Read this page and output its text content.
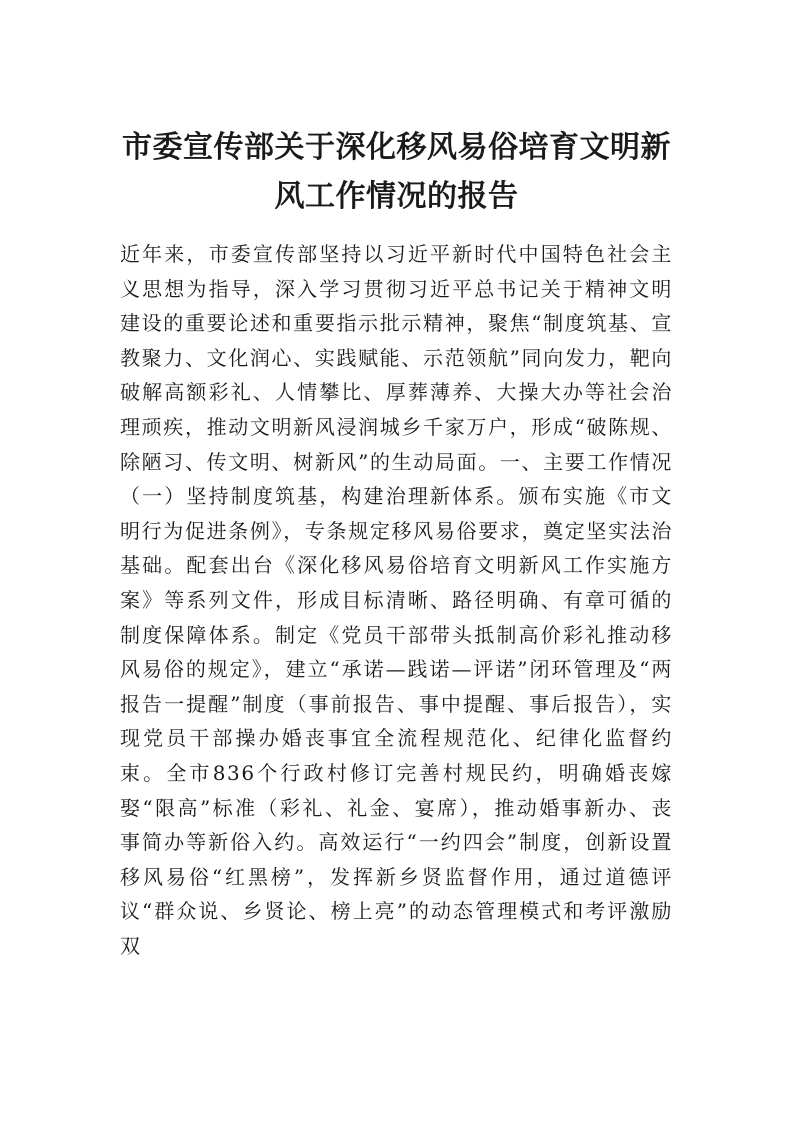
市委宣传部关于深化移风易俗培育文明新风工作情况的报告

近年来，市委宣传部坚持以习近平新时代中国特色社会主义思想为指导，深入学习贯彻习近平总书记关于精神文明建设的重要论述和重要指示批示精神，聚焦“制度筑基、宣教聚力、文化润心、实践赋能、示范领航”同向发力，靶向破解高额彩礼、人情攀比、厚葬薄养、大操大办等社会治理顽疾，推动文明新风浸润城乡千家万户，形成“破陈规、除陋习、传文明、树新风”的生动局面。一、主要工作情况（一）坚持制度筑基，构建治理新体系。颁布实施《市文明行为促进条例》，专条规定移风易俗要求，奠定坚实法治基础。配套出台《深化移风易俗培育文明新风工作实施方案》等系列文件，形成目标清晰、路径明确、有章可循的制度保障体系。制定《党员干部带头抵制高价彩礼推动移风易俗的规定》，建立“承诺—践诺—评诺”闭环管理及“两报告一提醒”制度（事前报告、事中提醒、事后报告），实现党员干部操办婚丧事宜全流程规范化、纪律化监督约束。全市836个行政村修订完善村规民约，明确婚丧嫁娶“限高”标准（彩礼、礼金、宴席），推动婚事新办、丧事简办等新俗入约。高效运行“一约四会”制度，创新设置移风易俗“红黑榜”，发挥新乡贤监督作用，通过道德评议“群众说、乡贤论、榜上亮”的动态管理模式和考评激励双
